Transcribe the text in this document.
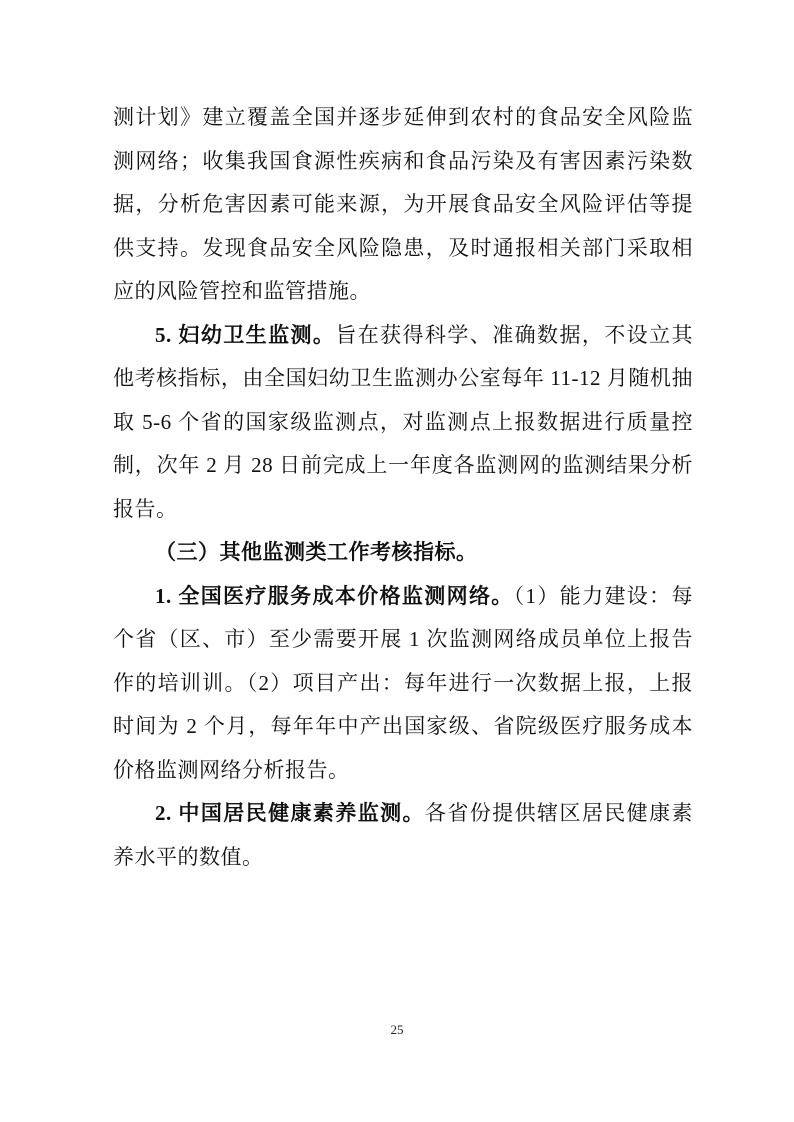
测计划》建立覆盖全国并逐步延伸到农村的食品安全风险监测网络；收集我国食源性疾病和食品污染及有害因素污染数据，分析危害因素可能来源，为开展食品安全风险评估等提供支持。发现食品安全风险隐患，及时通报相关部门采取相应的风险管控和监管措施。

5. 妇幼卫生监测。旨在获得科学、准确数据，不设立其他考核指标，由全国妇幼卫生监测办公室每年 11-12 月随机抽取 5-6 个省的国家级监测点，对监测点上报数据进行质量控制，次年 2 月 28 日前完成上一年度各监测网的监测结果分析报告。

（三）其他监测类工作考核指标。

1. 全国医疗服务成本价格监测网络。（1）能力建设：每个省（区、市）至少需要开展 1 次监测网络成员单位上报告作的培训训。（2）项目产出：每年进行一次数据上报，上报时间为 2 个月，每年年中产出国家级、省院级医疗服务成本价格监测网络分析报告。

2. 中国居民健康素养监测。各省份提供辖区居民健康素养水平的数值。

25
